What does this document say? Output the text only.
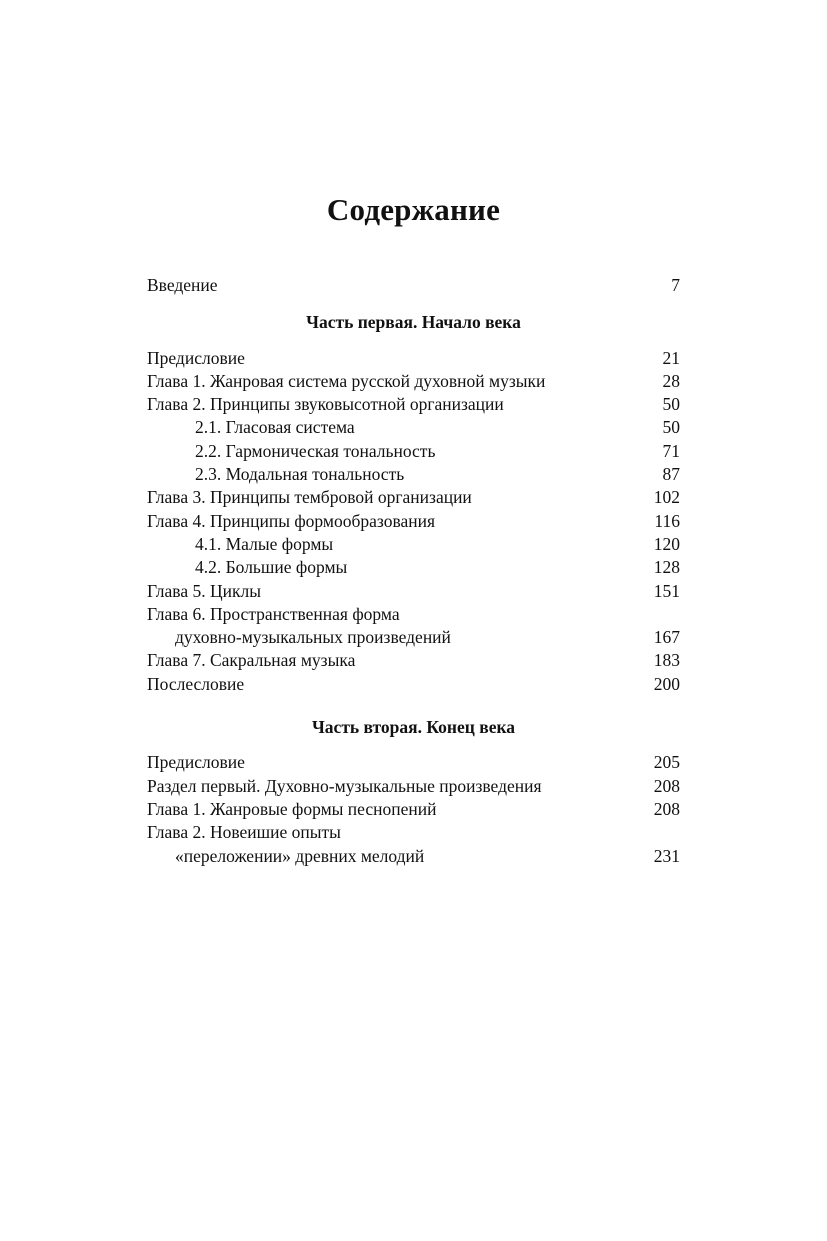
Содержание
Введение	7
Часть первая. Начало века
Предисловие	21
Глава 1. Жанровая система русской духовной музыки	28
Глава 2. Принципы звуковысотной организации	50
2.1. Гласовая система	50
2.2. Гармоническая тональность	71
2.3. Модальная тональность	87
Глава 3. Принципы тембровой организации	102
Глава 4. Принципы формообразования	116
4.1. Малые формы	120
4.2. Большие формы	128
Глава 5. Циклы	151
Глава 6. Пространственная форма
духовно-музыкальных произведений	167
Глава 7. Сакральная музыка	183
Послесловие	200
Часть вторая. Конец века
Предисловие	205
Раздел первый. Духовно-музыкальные произведения	208
Глава 1. Жанровые формы песнопений	208
Глава 2. Новеишие опыты
«переложении» древних мелодий	231
